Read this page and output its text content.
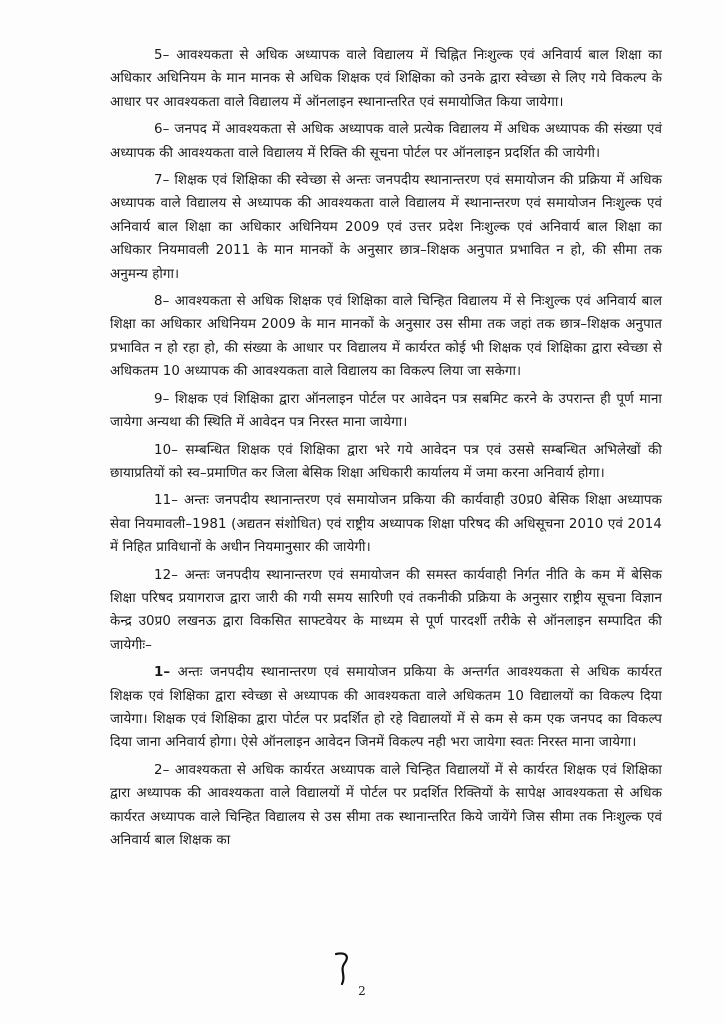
5– आवश्यकता से अधिक अध्यापक वाले विद्यालय में चिह्नित निःशुल्क एवं अनिवार्य बाल शिक्षा का अधिकार अधिनियम के मान मानक से अधिक शिक्षक एवं शिक्षिका को उनके द्वारा स्वेच्छा से लिए गये विकल्प के आधार पर आवश्यकता वाले विद्यालय में ऑनलाइन स्थानान्तरित एवं समायोजित किया जायेगा।

6– जनपद में आवश्यकता से अधिक अध्यापक वाले प्रत्येक विद्यालय में अधिक अध्यापक की संख्या एवं अध्यापक की आवश्यकता वाले विद्यालय में रिक्ति की सूचना पोर्टल पर ऑनलाइन प्रदर्शित की जायेगी।

7– शिक्षक एवं शिक्षिका की स्वेच्छा से अन्तः जनपदीय स्थानान्तरण एवं समायोजन की प्रक्रिया में अधिक अध्यापक वाले विद्यालय से अध्यापक की आवश्यकता वाले विद्यालय में स्थानान्तरण एवं समायोजन निःशुल्क एवं अनिवार्य बाल शिक्षा का अधिकार अधिनियम 2009 एवं उत्तर प्रदेश निःशुल्क एवं अनिवार्य बाल शिक्षा का अधिकार नियमावली 2011 के मान मानकों के अनुसार छात्र–शिक्षक अनुपात प्रभावित न हो, की सीमा तक अनुमन्य होगा।

8– आवश्यकता से अधिक शिक्षक एवं शिक्षिका वाले चिन्हित विद्यालय में से निःशुल्क एवं अनिवार्य बाल शिक्षा का अधिकार अधिनियम 2009 के मान मानकों के अनुसार उस सीमा तक जहां तक छात्र–शिक्षक अनुपात प्रभावित न हो रहा हो, की संख्या के आधार पर विद्यालय में कार्यरत कोई भी शिक्षक एवं शिक्षिका द्वारा स्वेच्छा से अधिकतम 10 अध्यापक की आवश्यकता वाले विद्यालय का विकल्प लिया जा सकेगा।

9– शिक्षक एवं शिक्षिका द्वारा ऑनलाइन पोर्टल पर आवेदन पत्र सबमिट करने के उपरान्त ही पूर्ण माना जायेगा अन्यथा की स्थिति में आवेदन पत्र निरस्त माना जायेगा।

10– सम्बन्धित शिक्षक एवं शिक्षिका द्वारा भरे गये आवेदन पत्र एवं उससे सम्बन्धित अभिलेखों की छायाप्रतियों को स्व–प्रमाणित कर जिला बेसिक शिक्षा अधिकारी कार्यालय में जमा करना अनिवार्य होगा।

11– अन्तः जनपदीय स्थानान्तरण एवं समायोजन प्रकिया की कार्यवाही उ0प्र0 बेसिक शिक्षा अध्यापक सेवा नियमावली–1981 (अद्यतन संशोधित) एवं राष्ट्रीय अध्यापक शिक्षा परिषद की अधिसूचना 2010 एवं 2014 में निहित प्राविधानों के अधीन नियमानुसार की जायेगी।

12– अन्तः जनपदीय स्थानान्तरण एवं समायोजन की समस्त कार्यवाही निर्गत नीति के कम में बेसिक शिक्षा परिषद प्रयागराज द्वारा जारी की गयी समय सारिणी एवं तकनीकी प्रक्रिया के अनुसार राष्ट्रीय सूचना विज्ञान केन्द्र उ0प्र0 लखनऊ द्वारा विकसित साफ्टवेयर के माध्यम से पूर्ण पारदर्शी तरीके से ऑनलाइन सम्पादित की जायेगीः–

1– अन्तः जनपदीय स्थानान्तरण एवं समायोजन प्रकिया के अन्तर्गत आवश्यकता से अधिक कार्यरत शिक्षक एवं शिक्षिका द्वारा स्वेच्छा से अध्यापक की आवश्यकता वाले अधिकतम 10 विद्यालयों का विकल्प दिया जायेगा। शिक्षक एवं शिक्षिका द्वारा पोर्टल पर प्रदर्शित हो रहे विद्यालयों में से कम से कम एक जनपद का विकल्प दिया जाना अनिवार्य होगा। ऐसे ऑनलाइन आवेदन जिनमें विकल्प नही भरा जायेगा स्वतः निरस्त माना जायेगा।

2– आवश्यकता से अधिक कार्यरत अध्यापक वाले चिन्हित विद्यालयों में से कार्यरत शिक्षक एवं शिक्षिका द्वारा अध्यापक की आवश्यकता वाले विद्यालयों में पोर्टल पर प्रदर्शित रिक्तियों के सापेक्ष आवश्यकता से अधिक कार्यरत अध्यापक वाले चिन्हित विद्यालय से उस सीमा तक स्थानान्तरित किये जायेंगे जिस सीमा तक निःशुल्क एवं अनिवार्य बाल शिक्षक का

2
